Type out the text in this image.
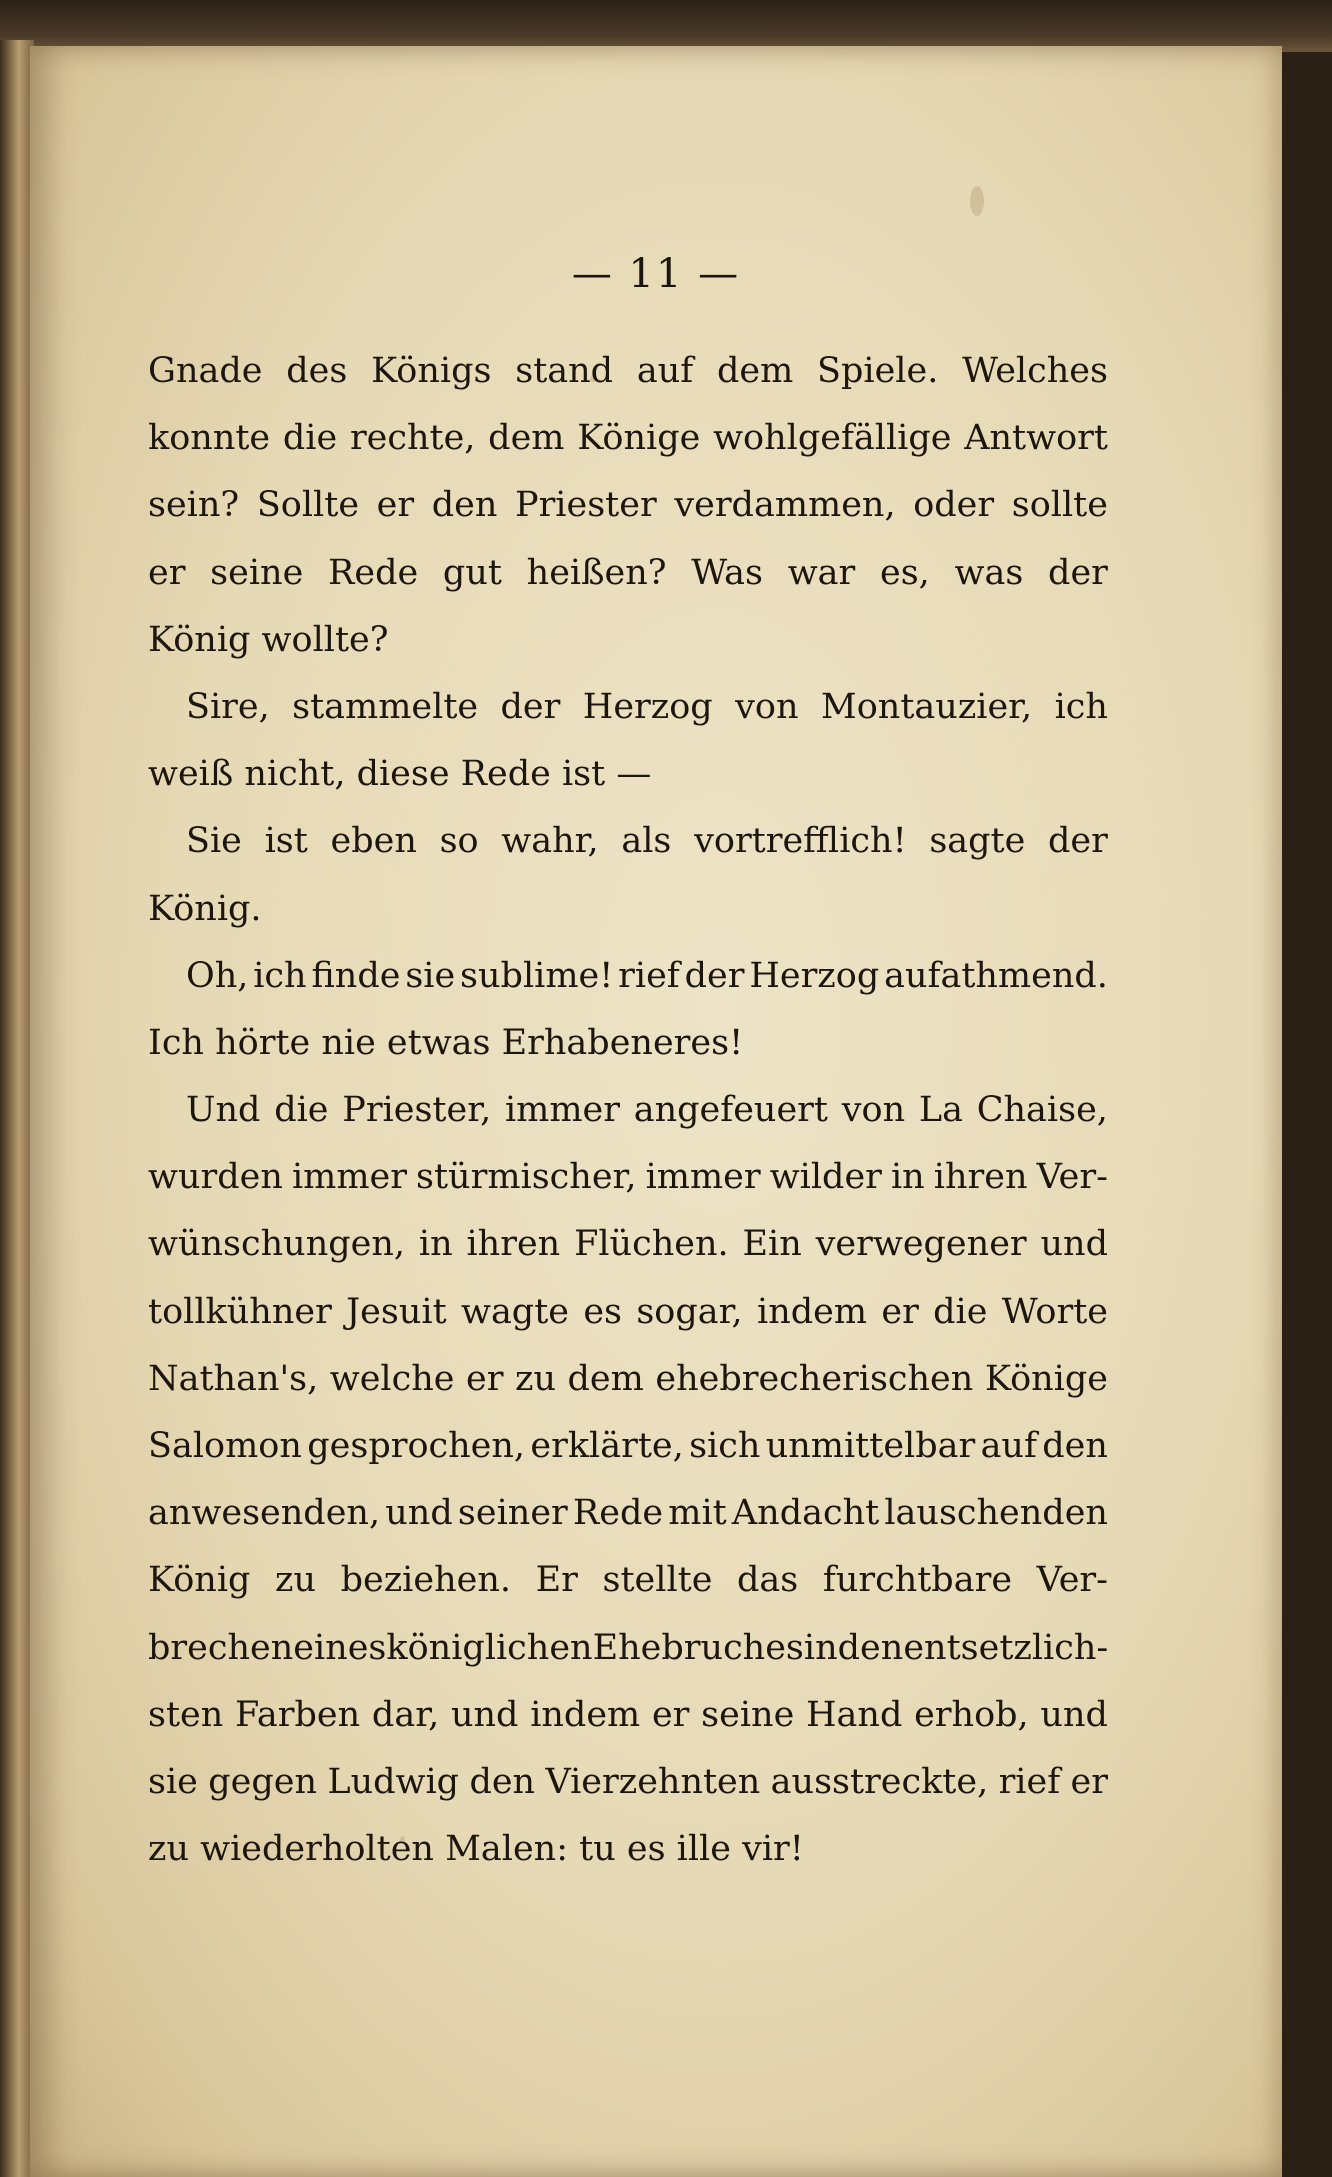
— 11 —
Gnade des Königs stand auf dem Spiele. Welches
konnte die rechte, dem Könige wohlgefällige Antwort
sein? Sollte er den Priester verdammen, oder sollte
er seine Rede gut heißen? Was war es, was der
König wollte?
Sire, stammelte der Herzog von Montauzier, ich
weiß nicht, diese Rede ist —
Sie ist eben so wahr, als vortrefflich! sagte der
König.
Oh, ich finde sie sublime! rief der Herzog aufathmend.
Ich hörte nie etwas Erhabeneres!
Und die Priester, immer angefeuert von La Chaise,
wurden immer stürmischer, immer wilder in ihren Ver-
wünschungen, in ihren Flüchen. Ein verwegener und
tollkühner Jesuit wagte es sogar, indem er die Worte
Nathan's, welche er zu dem ehebrecherischen Könige
Salomon gesprochen, erklärte, sich unmittelbar auf den
anwesenden, und seiner Rede mit Andacht lauschenden
König zu beziehen. Er stellte das furchtbare Ver-
brechen eines königlichen Ehebruches in den entsetzlich-
sten Farben dar, und indem er seine Hand erhob, und
sie gegen Ludwig den Vierzehnten ausstreckte, rief er
zu wiederholten Malen: tu es ille vir!
